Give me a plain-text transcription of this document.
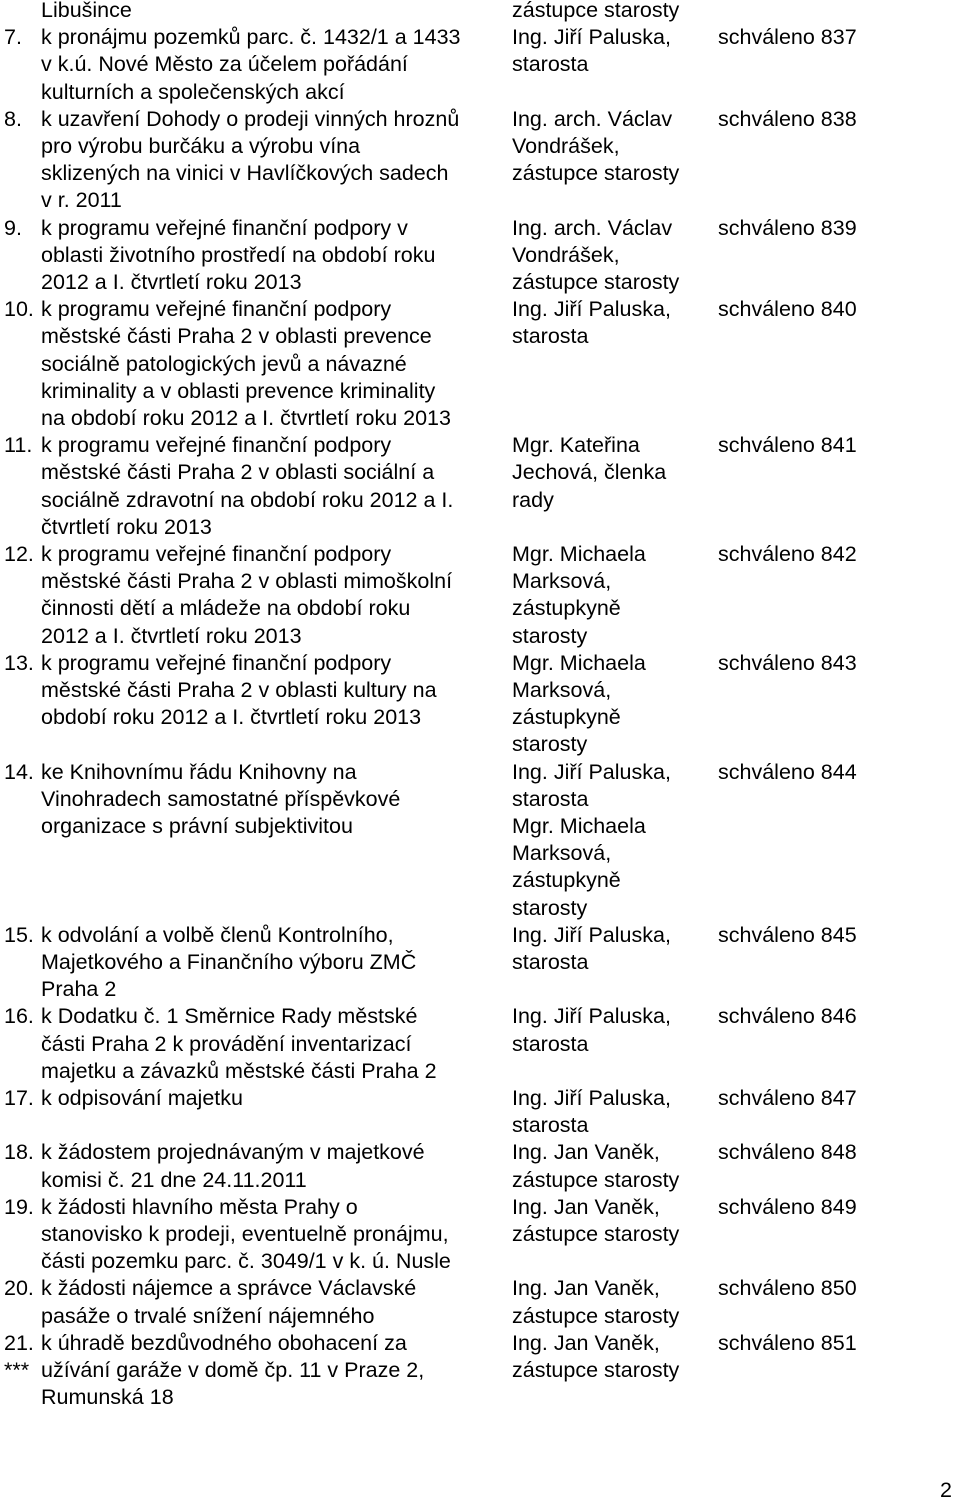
Libušince	zástupce starosty
7. k pronájmu pozemků parc. č. 1432/1 a 1433
v k.ú. Nové Město za účelem pořádání
kulturních a společenských akcí
Ing. Jiří Paluska,
starosta
schváleno 837
8. k uzavření Dohody o prodeji vinných hroznů
pro výrobu burčáku a výrobu vína
sklizených na vinici v Havlíčkových sadech
v r. 2011
Ing. arch. Václav
Vondrášek,
zástupce starosty
schváleno 838
9. k programu veřejné finanční podpory v
oblasti životního prostředí na období roku
2012 a I. čtvrtletí roku 2013
Ing. arch. Václav
Vondrášek,
zástupce starosty
schváleno 839
10. k programu veřejné finanční podpory
městské části Praha 2 v oblasti prevence
sociálně patologických jevů a návazné
kriminality a v oblasti prevence kriminality
na období roku 2012 a I. čtvrtletí roku 2013
Ing. Jiří Paluska,
starosta
schváleno 840
11. k programu veřejné finanční podpory
městské části Praha 2 v oblasti sociální a
sociálně zdravotní na období roku 2012 a I.
čtvrtletí roku 2013
Mgr. Kateřina
Jechová, členka
rady
schváleno 841
12. k programu veřejné finanční podpory
městské části Praha 2 v oblasti mimoškolní
činnosti dětí a mládeže na období roku
2012 a I. čtvrtletí roku 2013
Mgr. Michaela
Marksová,
zástupkyně
starosty
schváleno 842
13. k programu veřejné finanční podpory
městské části Praha 2 v oblasti kultury na
období roku 2012 a I. čtvrtletí roku 2013
Mgr. Michaela
Marksová,
zástupkyně
starosty
schváleno 843
14. ke Knihovnímu řádu Knihovny na
Vinohradech samostatné příspěvkové
organizace s právní subjektivitou
Ing. Jiří Paluska,
starosta
Mgr. Michaela
Marksová,
zástupkyně
starosty
schváleno 844
15. k odvolání a volbě členů Kontrolního,
Majetkového a Finančního výboru ZMČ
Praha 2
Ing. Jiří Paluska,
starosta
schváleno 845
16. k Dodatku č. 1 Směrnice Rady městské
části Praha 2 k provádění inventarizací
majetku a závazků městské části Praha 2
Ing. Jiří Paluska,
starosta
schváleno 846
17. k odpisování majetku	Ing. Jiří Paluska,
starosta
schváleno 847
18. k žádostem projednávaným v majetkové
komisi č. 21 dne 24.11.2011
Ing. Jan Vaněk,
zástupce starosty
schváleno 848
19. k žádosti hlavního města Prahy o
stanovisko k prodeji, eventuelně pronájmu,
části pozemku parc. č. 3049/1 v k. ú. Nusle
Ing. Jan Vaněk,
zástupce starosty
schváleno 849
20. k žádosti nájemce a správce Václavské
pasáže o trvalé snížení nájemného
Ing. Jan Vaněk,
zástupce starosty
schváleno 850
21.
***
k úhradě bezdůvodného obohacení za
užívání garáže v domě čp. 11 v Praze 2,
Rumunská 18
Ing. Jan Vaněk,
zástupce starosty
schváleno 851
2
